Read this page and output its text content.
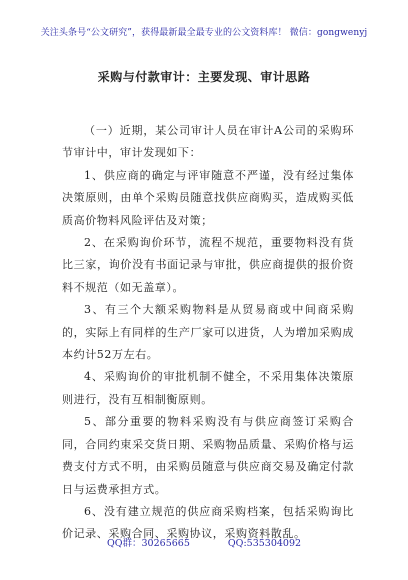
关注头条号“公文研究”，获得最新最全最专业的公文资料库！ 微信：gongwenyj
采购与付款审计：主要发现、审计思路

（一）近期，某公司审计人员在审计A公司的采购环节审计中，审计发现如下：

1、供应商的确定与评审随意不严谨，没有经过集体决策原则，由单个采购员随意找供应商购买，造成购买低质高价物料风险评估及对策；

2、在采购询价环节，流程不规范，重要物料没有货比三家，询价没有书面记录与审批，供应商提供的报价资料不规范（如无盖章）。

3、有三个大额采购物料是从贸易商或中间商采购的，实际上有同样的生产厂家可以进货，人为增加采购成本约计52万左右。

4、采购询价的审批机制不健全，不采用集体决策原则进行，没有互相制衡原则。

5、部分重要的物料采购没有与供应商签订采购合同，合同约束采交货日期、采购物品质量、采购价格与运费支付方式不明，由采购员随意与供应商交易及确定付款日与运费承担方式。

6、没有建立规范的供应商采购档案，包括采购询比价记录、采购合同、采购协议，采购资料散乱。

QQ群：30265665	QQ:535304092
